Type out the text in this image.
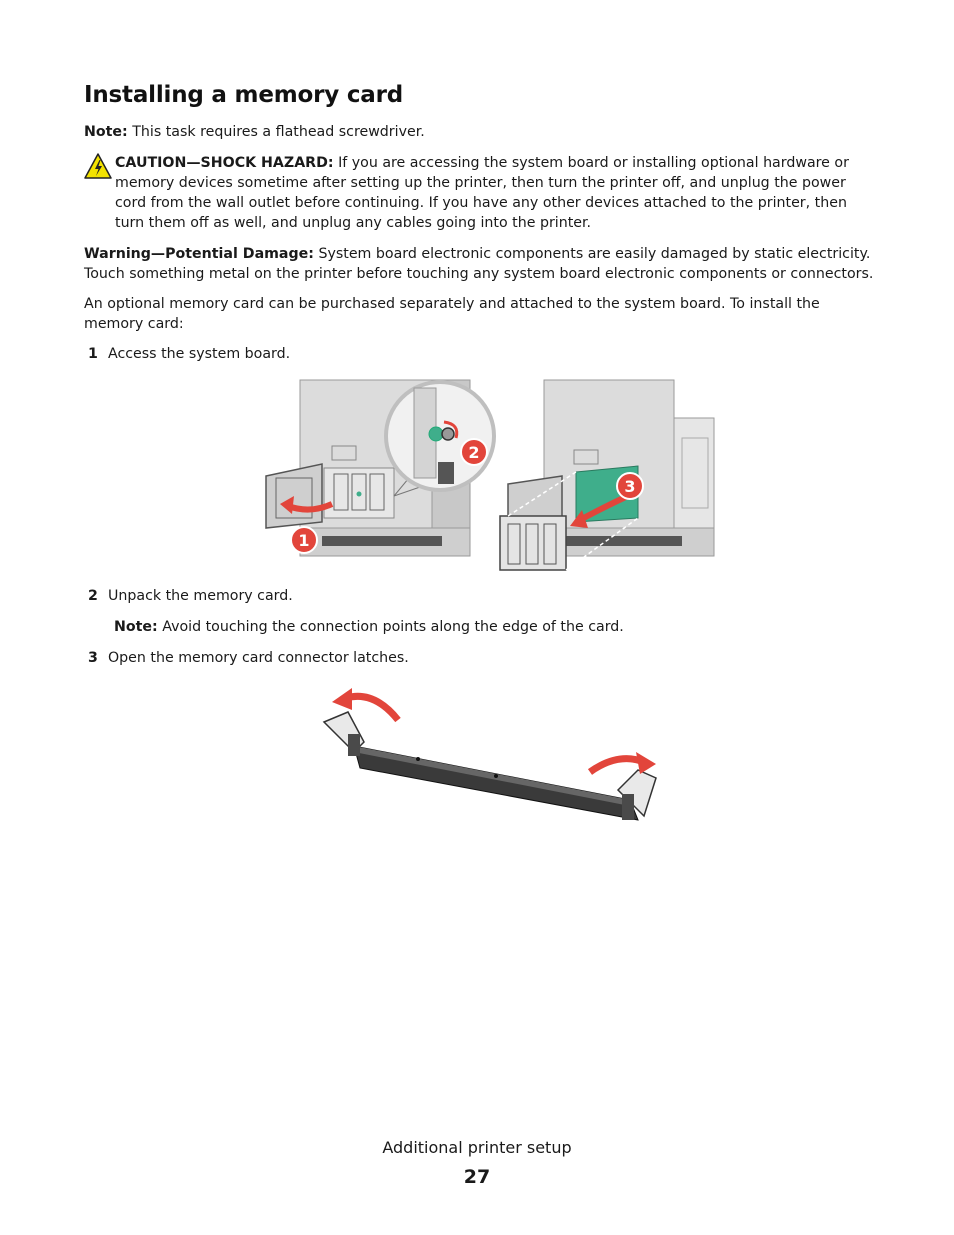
Installing a memory card

Note: This task requires a flathead screwdriver.

CAUTION—SHOCK HAZARD: If you are accessing the system board or installing optional hardware or memory devices sometime after setting up the printer, then turn the printer off, and unplug the power cord from the wall outlet before continuing. If you have any other devices attached to the printer, then turn them off as well, and unplug any cables going into the printer.

Warning—Potential Damage: System board electronic components are easily damaged by static electricity. Touch something metal on the printer before touching any system board electronic components or connectors.

An optional memory card can be purchased separately and attached to the system board. To install the memory card:

1 Access the system board.
1
2
3
2 Unpack the memory card.
Note: Avoid touching the connection points along the edge of the card.
3 Open the memory card connector latches.
Additional printer setup
27
